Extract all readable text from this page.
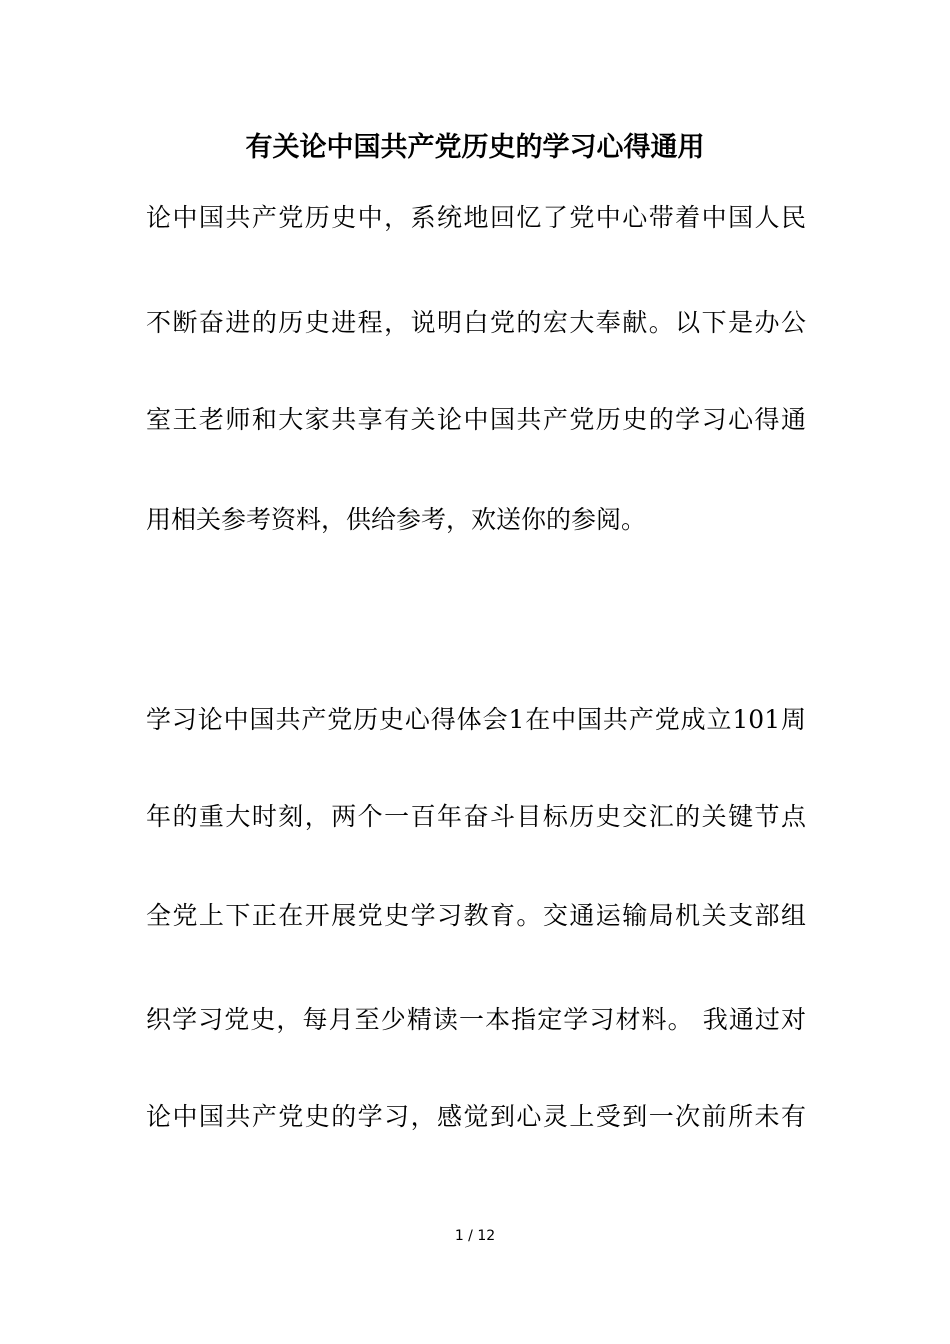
有关论中国共产党历史的学习心得通用
论中国共产党历史中，系统地回忆了党中心带着中国人民
不断奋进的历史进程，说明白党的宏大奉献。以下是办公
室王老师和大家共享有关论中国共产党历史的学习心得通
用相关参考资料，供给参考，欢送你的参阅。
学习论中国共产党历史心得体会1在中国共产党成立101周
年的重大时刻，两个一百年奋斗目标历史交汇的关键节点
全党上下正在开展党史学习教育。交通运输局机关支部组
织学习党史，每月至少精读一本指定学习材料。 我通过对
论中国共产党史的学习，感觉到心灵上受到一次前所未有
1 / 12
